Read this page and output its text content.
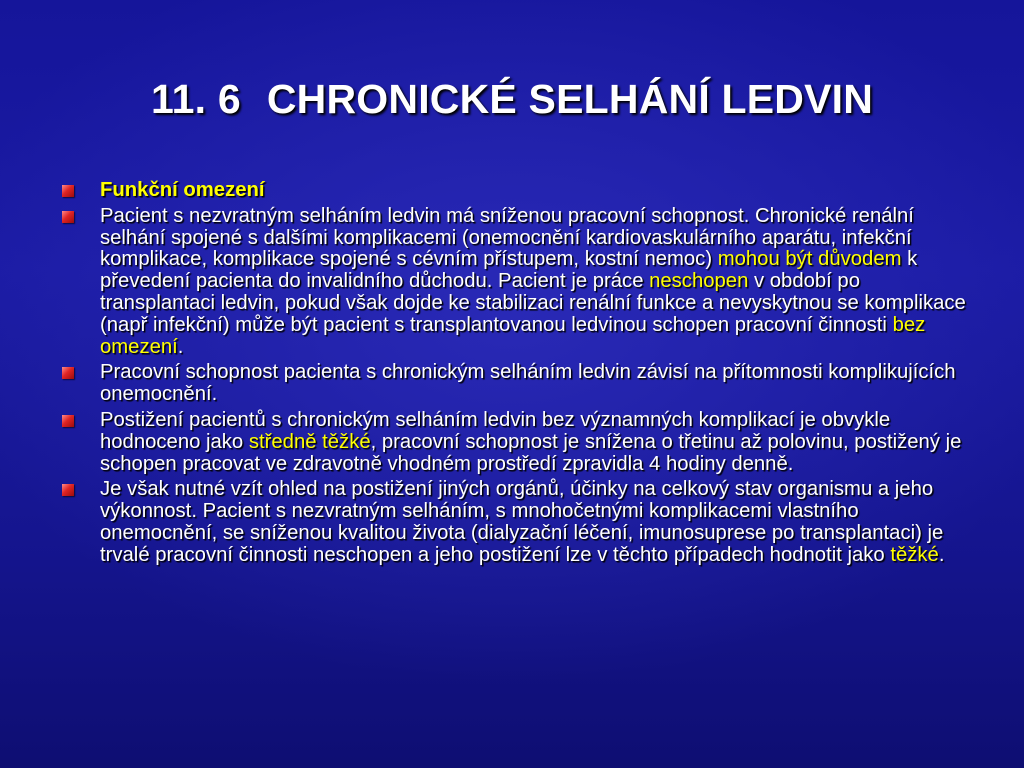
11. 6 CHRONICKÉ SELHÁNÍ LEDVIN
Funkční omezení
Pacient s nezvratným selháním ledvin má sníženou pracovní schopnost. Chronické renální selhání spojené s dalšími komplikacemi (onemocnění kardiovaskulárního aparátu, infekční komplikace, komplikace spojené s cévním přístupem, kostní nemoc) mohou být důvodem k převedení pacienta do invalidního důchodu. Pacient je práce neschopen v období po transplantaci ledvin, pokud však dojde ke stabilizaci renální funkce a nevyskytnou se komplikace (např infekční) může být pacient s transplantovanou ledvinou schopen pracovní činnosti bez omezení.
Pracovní schopnost pacienta s chronickým selháním ledvin závisí na přítomnosti komplikujících onemocnění.
Postižení pacientů s chronickým selháním ledvin bez významných komplikací je obvykle hodnoceno jako středně těžké, pracovní schopnost je snížena o třetinu až polovinu, postižený je schopen pracovat ve zdravotně vhodném prostředí zpravidla 4 hodiny denně.
Je však nutné vzít ohled na postižení jiných orgánů, účinky na celkový stav organismu a jeho výkonnost. Pacient s nezvratným selháním, s mnohočetnými komplikacemi vlastního onemocnění, se sníženou kvalitou života (dialyzační léčení, imunosuprese po transplantaci) je trvalé pracovní činnosti neschopen a jeho postižení lze v těchto případech hodnotit jako těžké.
